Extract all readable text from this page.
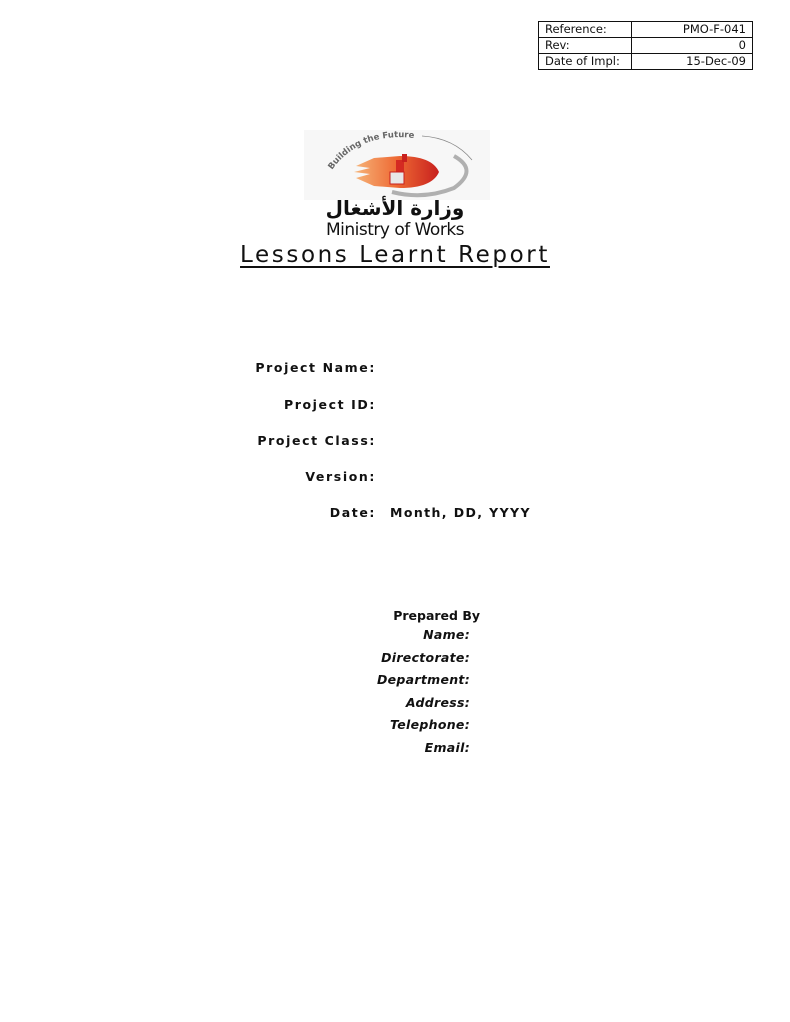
Reference:	PMO-F-041
Rev:	0
Date of Impl:	15-Dec-09
Building the Future
وزارة الأشغال
Ministry of Works
Lessons Learnt Report
Project Name:
Project ID:
Project Class:
Version:
Date: Month, DD, YYYY
Prepared By
Name:
Directorate:
Department:
Address:
Telephone:
Email:
